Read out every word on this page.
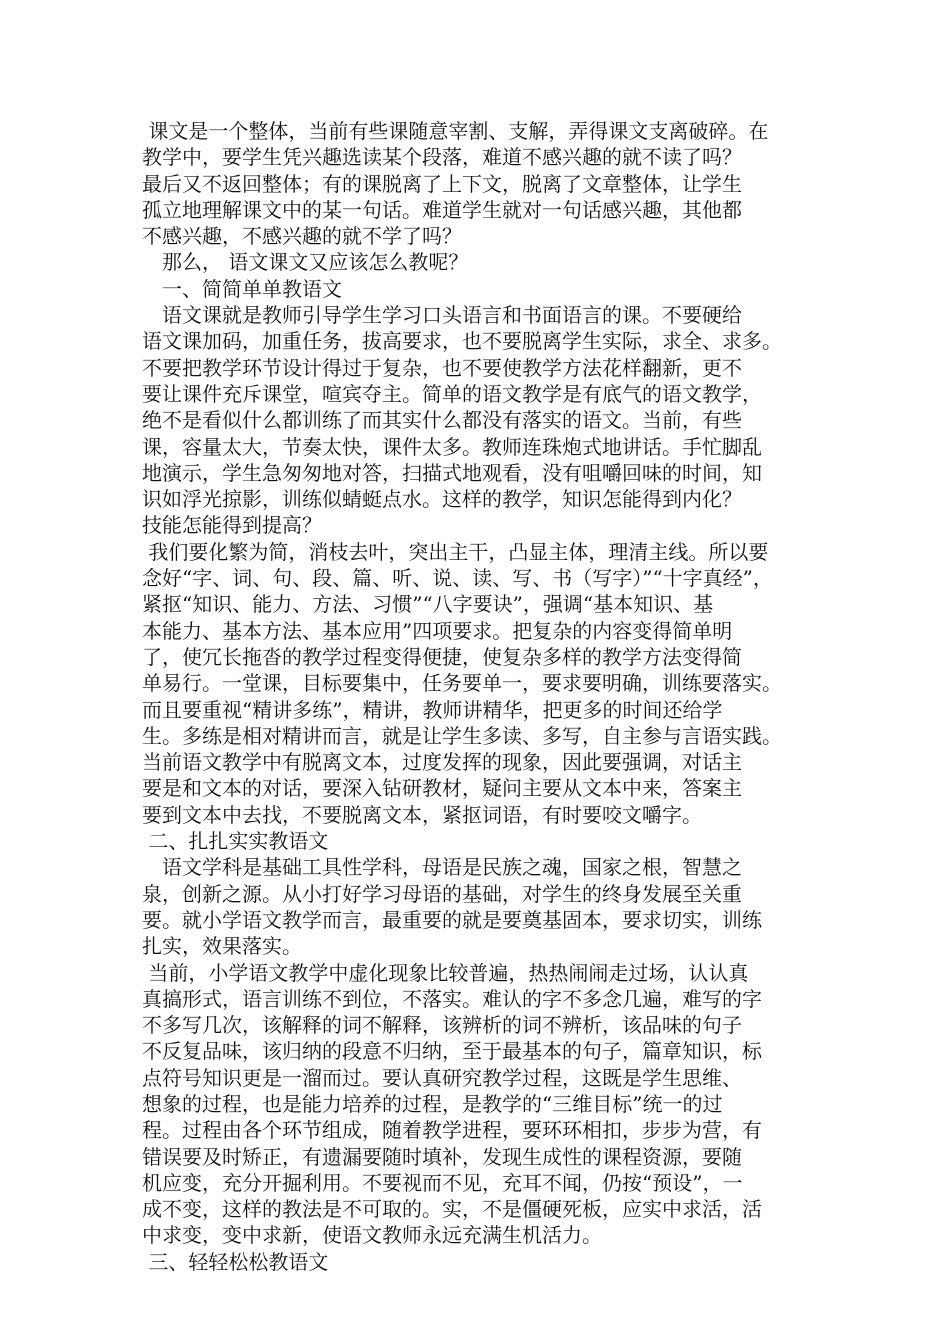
课文是一个整体，当前有些课随意宰割、支解，弄得课文支离破碎。在
教学中，要学生凭兴趣选读某个段落，难道不感兴趣的就不读了吗？
最后又不返回整体；有的课脱离了上下文，脱离了文章整体，让学生
孤立地理解课文中的某一句话。难道学生就对一句话感兴趣，其他都
不感兴趣，不感兴趣的就不学了吗？
　那么， 语文课文又应该怎么教呢？
　一、简简单单教语文
　语文课就是教师引导学生学习口头语言和书面语言的课。不要硬给
语文课加码，加重任务，拔高要求，也不要脱离学生实际，求全、求多。
不要把教学环节设计得过于复杂，也不要使教学方法花样翻新，更不
要让课件充斥课堂，喧宾夺主。简单的语文教学是有底气的语文教学，
绝不是看似什么都训练了而其实什么都没有落实的语文。当前，有些
课，容量太大，节奏太快，课件太多。教师连珠炮式地讲话。手忙脚乱
地演示，学生急匆匆地对答，扫描式地观看，没有咀嚼回味的时间，知
识如浮光掠影，训练似蜻蜓点水。这样的教学，知识怎能得到内化？
技能怎能得到提高？
我们要化繁为简，消枝去叶，突出主干，凸显主体，理清主线。所以要
念好“字、词、句、段、篇、听、说、读、写、书（写字）”“十字真经”，
紧抠“知识、能力、方法、习惯”“八字要诀”，强调“基本知识、基
本能力、基本方法、基本应用”四项要求。把复杂的内容变得简单明
了，使冗长拖沓的教学过程变得便捷，使复杂多样的教学方法变得简
单易行。一堂课，目标要集中，任务要单一，要求要明确，训练要落实。
而且要重视“精讲多练”，精讲，教师讲精华，把更多的时间还给学
生。多练是相对精讲而言，就是让学生多读、多写，自主参与言语实践。
当前语文教学中有脱离文本，过度发挥的现象，因此要强调，对话主
要是和文本的对话，要深入钻研教材，疑问主要从文本中来，答案主
要到文本中去找，不要脱离文本，紧抠词语，有时要咬文嚼字。
二、扎扎实实教语文
　语文学科是基础工具性学科，母语是民族之魂，国家之根，智慧之
泉，创新之源。从小打好学习母语的基础，对学生的终身发展至关重
要。就小学语文教学而言，最重要的就是要奠基固本，要求切实，训练
扎实，效果落实。
当前，小学语文教学中虚化现象比较普遍，热热闹闹走过场，认认真
真搞形式，语言训练不到位，不落实。难认的字不多念几遍，难写的字
不多写几次，该解释的词不解释，该辨析的词不辨析，该品味的句子
不反复品味，该归纳的段意不归纳，至于最基本的句子，篇章知识，标
点符号知识更是一溜而过。要认真研究教学过程，这既是学生思维、
想象的过程，也是能力培养的过程，是教学的“三维目标”统一的过
程。过程由各个环节组成，随着教学进程，要环环相扣，步步为营，有
错误要及时矫正，有遗漏要随时填补，发现生成性的课程资源，要随
机应变，充分开掘利用。不要视而不见，充耳不闻，仍按“预设”，一
成不变，这样的教法是不可取的。实，不是僵硬死板，应实中求活，活
中求变，变中求新，使语文教师永远充满生机活力。
三、轻轻松松教语文
